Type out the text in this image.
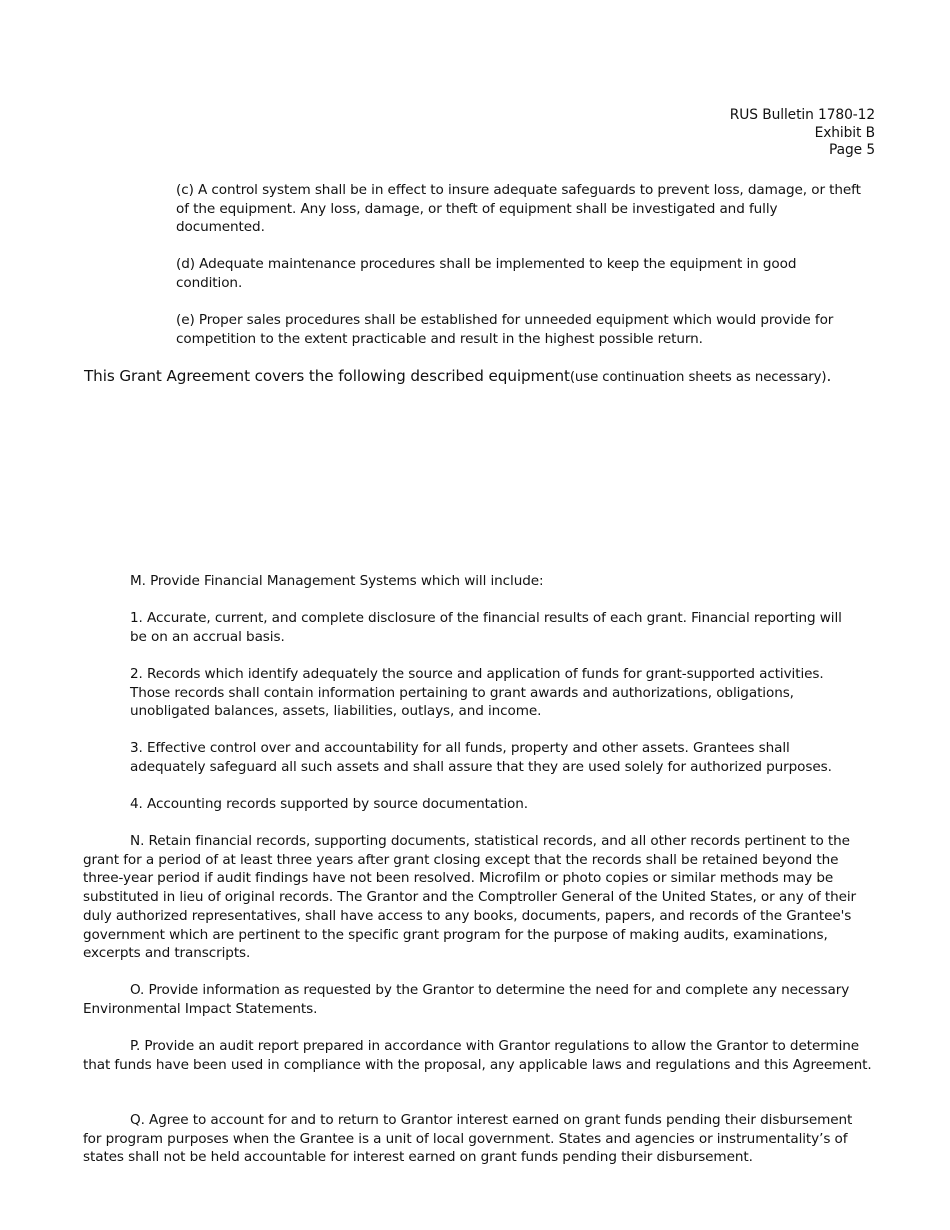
RUS Bulletin 1780-12
Exhibit B
Page 5

(c) A control system shall be in effect to insure adequate safeguards to prevent loss, damage, or theft of the equipment. Any loss, damage, or theft of equipment shall be investigated and fully documented.

(d) Adequate maintenance procedures shall be implemented to keep the equipment in good condition.

(e) Proper sales procedures shall be established for unneeded equipment which would provide for competition to the extent practicable and result in the highest possible return.

This Grant Agreement covers the following described equipment(use continuation sheets as necessary).

M. Provide Financial Management Systems which will include:

1. Accurate, current, and complete disclosure of the financial results of each grant. Financial reporting will be on an accrual basis.

2. Records which identify adequately the source and application of funds for grant-supported activities. Those records shall contain information pertaining to grant awards and authorizations, obligations, unobligated balances, assets, liabilities, outlays, and income.

3. Effective control over and accountability for all funds, property and other assets. Grantees shall adequately safeguard all such assets and shall assure that they are used solely for authorized purposes.

4. Accounting records supported by source documentation.

N. Retain financial records, supporting documents, statistical records, and all other records pertinent to the grant for a period of at least three years after grant closing except that the records shall be retained beyond the three-year period if audit findings have not been resolved. Microfilm or photo copies or similar methods may be substituted in lieu of original records. The Grantor and the Comptroller General of the United States, or any of their duly authorized representatives, shall have access to any books, documents, papers, and records of the Grantee's government which are pertinent to the specific grant program for the purpose of making audits, examinations, excerpts and transcripts.

O. Provide information as requested by the Grantor to determine the need for and complete any necessary Environmental Impact Statements.

P. Provide an audit report prepared in accordance with Grantor regulations to allow the Grantor to determine that funds have been used in compliance with the proposal, any applicable laws and regulations and this Agreement.

Q. Agree to account for and to return to Grantor interest earned on grant funds pending their disbursement for program purposes when the Grantee is a unit of local government. States and agencies or instrumentality’s of states shall not be held accountable for interest earned on grant funds pending their disbursement.
